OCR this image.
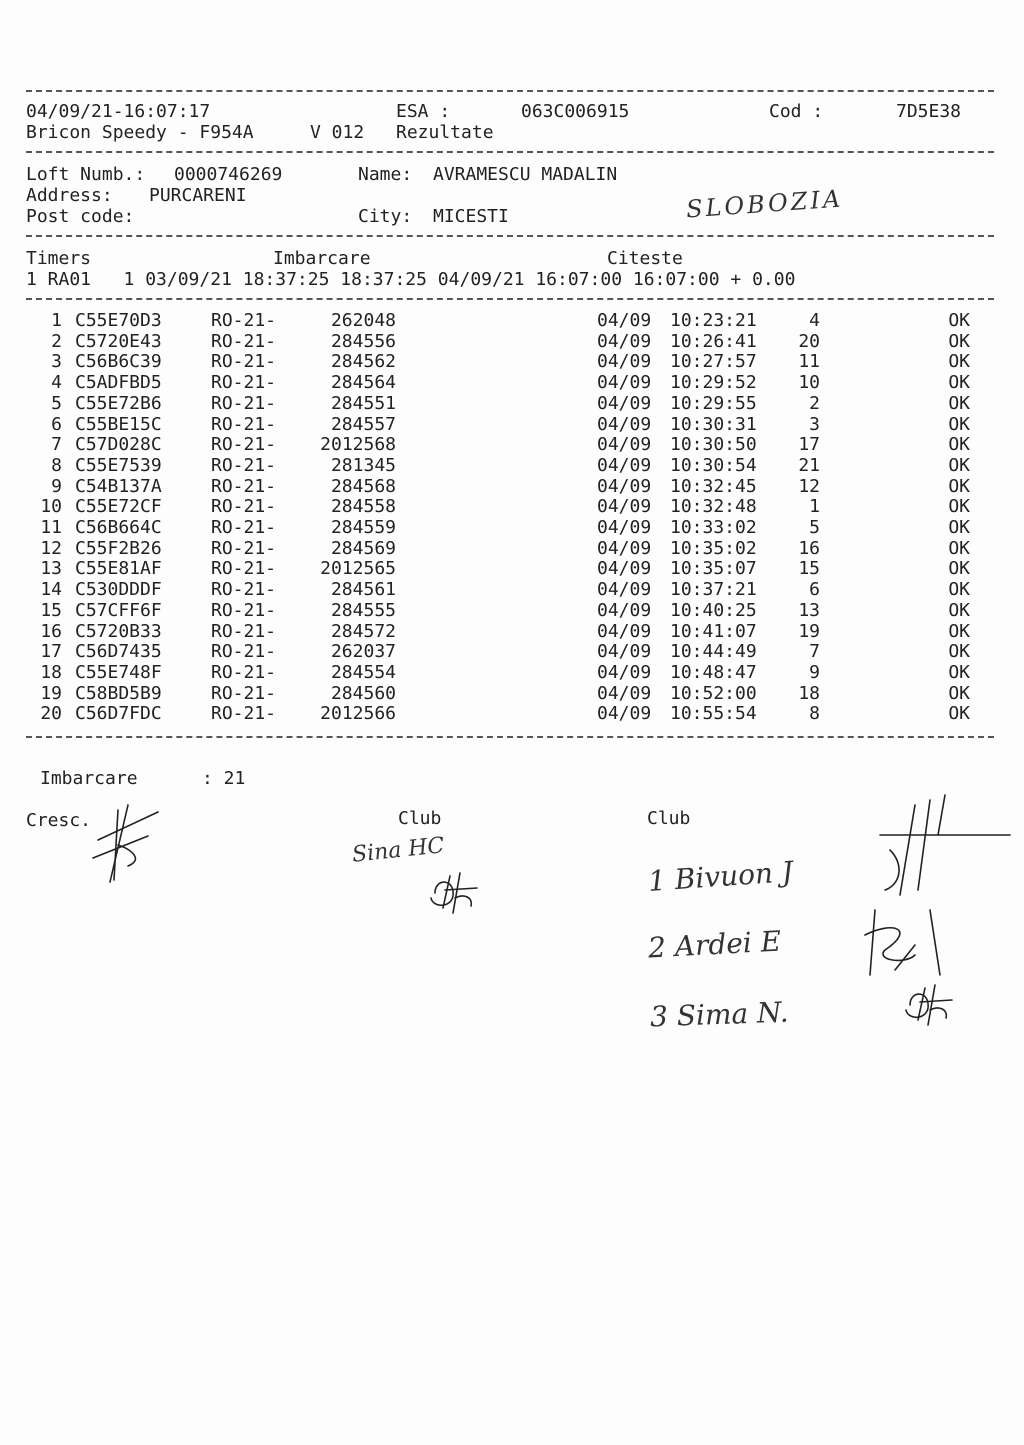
04/09/21-16:07:17	ESA :	063C006915	Cod :	7D5E38
Bricon Speedy - F954A	V 012 Rezultate
Loft Numb.: 0000746269	Name: AVRAMESCU MADALIN
Address: PURCARENI
Post code:	City: MICESTI	SLOBOZIA
Timers	Imbarcare	Citeste
1 RA01   1 03/09/21 18:37:25 18:37:25 04/09/21 16:07:00 16:07:00 + 0.00
1 C55E70D3	RO-21-	262048	04/09	10:23:21	4	OK
2 C5720E43	RO-21-	284556	04/09	10:26:41	20	OK
3 C56B6C39	RO-21-	284562	04/09	10:27:57	11	OK
4 C5ADFBD5	RO-21-	284564	04/09	10:29:52	10	OK
5 C55E72B6	RO-21-	284551	04/09	10:29:55	2	OK
6 C55BE15C	RO-21-	284557	04/09	10:30:31	3	OK
7 C57D028C	RO-21-	2012568	04/09	10:30:50	17	OK
8 C55E7539	RO-21-	281345	04/09	10:30:54	21	OK
9 C54B137A	RO-21-	284568	04/09	10:32:45	12	OK
10 C55E72CF	RO-21-	284558	04/09	10:32:48	1	OK
11 C56B664C	RO-21-	284559	04/09	10:33:02	5	OK
12 C55F2B26	RO-21-	284569	04/09	10:35:02	16	OK
13 C55E81AF	RO-21-	2012565	04/09	10:35:07	15	OK
14 C530DDDF	RO-21-	284561	04/09	10:37:21	6	OK
15 C57CFF6F	RO-21-	284555	04/09	10:40:25	13	OK
16 C5720B33	RO-21-	284572	04/09	10:41:07	19	OK
17 C56D7435	RO-21-	262037	04/09	10:44:49	7	OK
18 C55E748F	RO-21-	284554	04/09	10:48:47	9	OK
19 C58BD5B9	RO-21-	284560	04/09	10:52:00	18	OK
20 C56D7FDC	RO-21-	2012566	04/09	10:55:54	8	OK
Imbarcare	: 21
Cresc.	Club	Club
Sina HC
1 Bivuon J
2 Ardei E
3 Sima N.
